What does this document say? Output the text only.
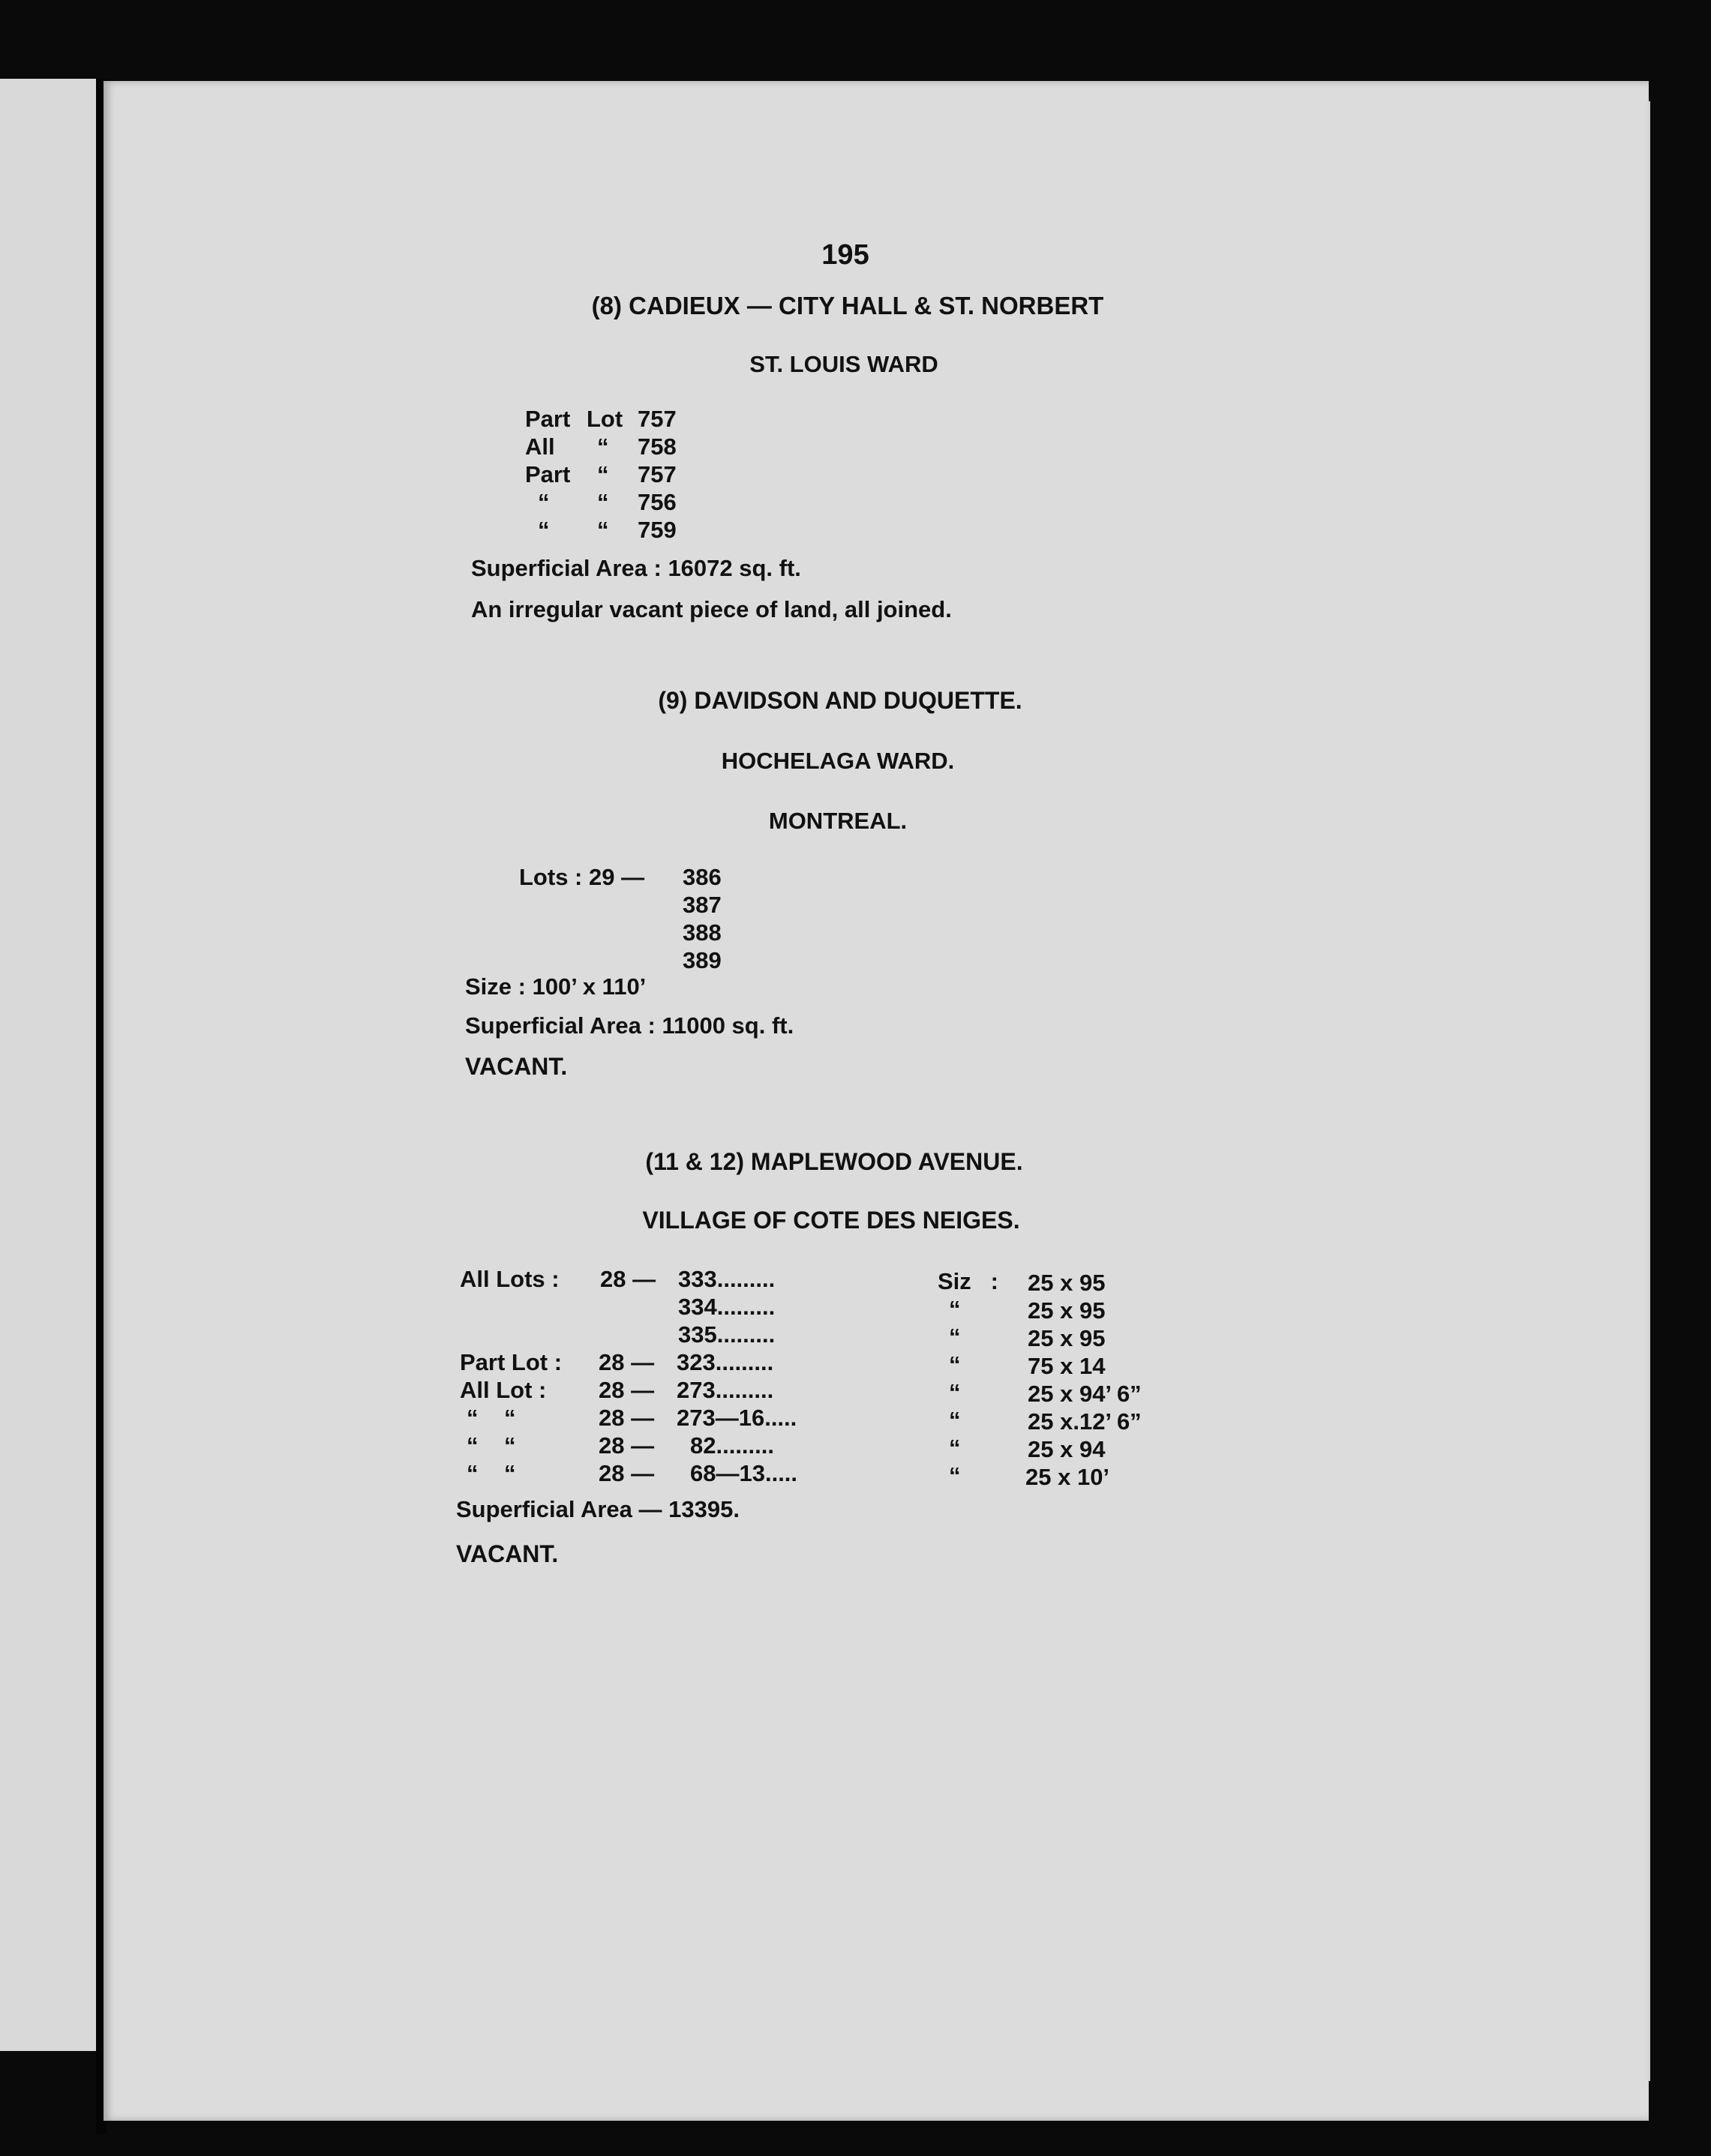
195
(8) CADIEUX — CITY HALL & ST. NORBERT
ST. LOUIS WARD
Part Lot 757
All “ 758
Part “ 757
“ “ 756
“ “ 759
Superficial Area : 16072 sq. ft.
An irregular vacant piece of land, all joined.
(9) DAVIDSON AND DUQUETTE.
HOCHELAGA WARD.
MONTREAL.
Lots : 29 — 386
387
388
389
Size : 100’ x 110’
Superficial Area : 11000 sq. ft.
VACANT.
(11 & 12) MAPLEWOOD AVENUE.
VILLAGE OF COTE DES NEIGES.
All Lots : 28 — 333.........	Siz   : 25 x 95
334.........	“	25 x 95
335.........	“	25 x 95
Part Lot : 28 — 323.........	“	75 x 14
All Lot : 28 — 273.........	“	25 x 94’ 6”
“    “	28 — 273—16.....	“	25 x.12’ 6”
“    “	28 — 82.........	“	25 x 94
“    “	28 — 68—13.....	“	25 x 10’
Superficial Area — 13395.
VACANT.
